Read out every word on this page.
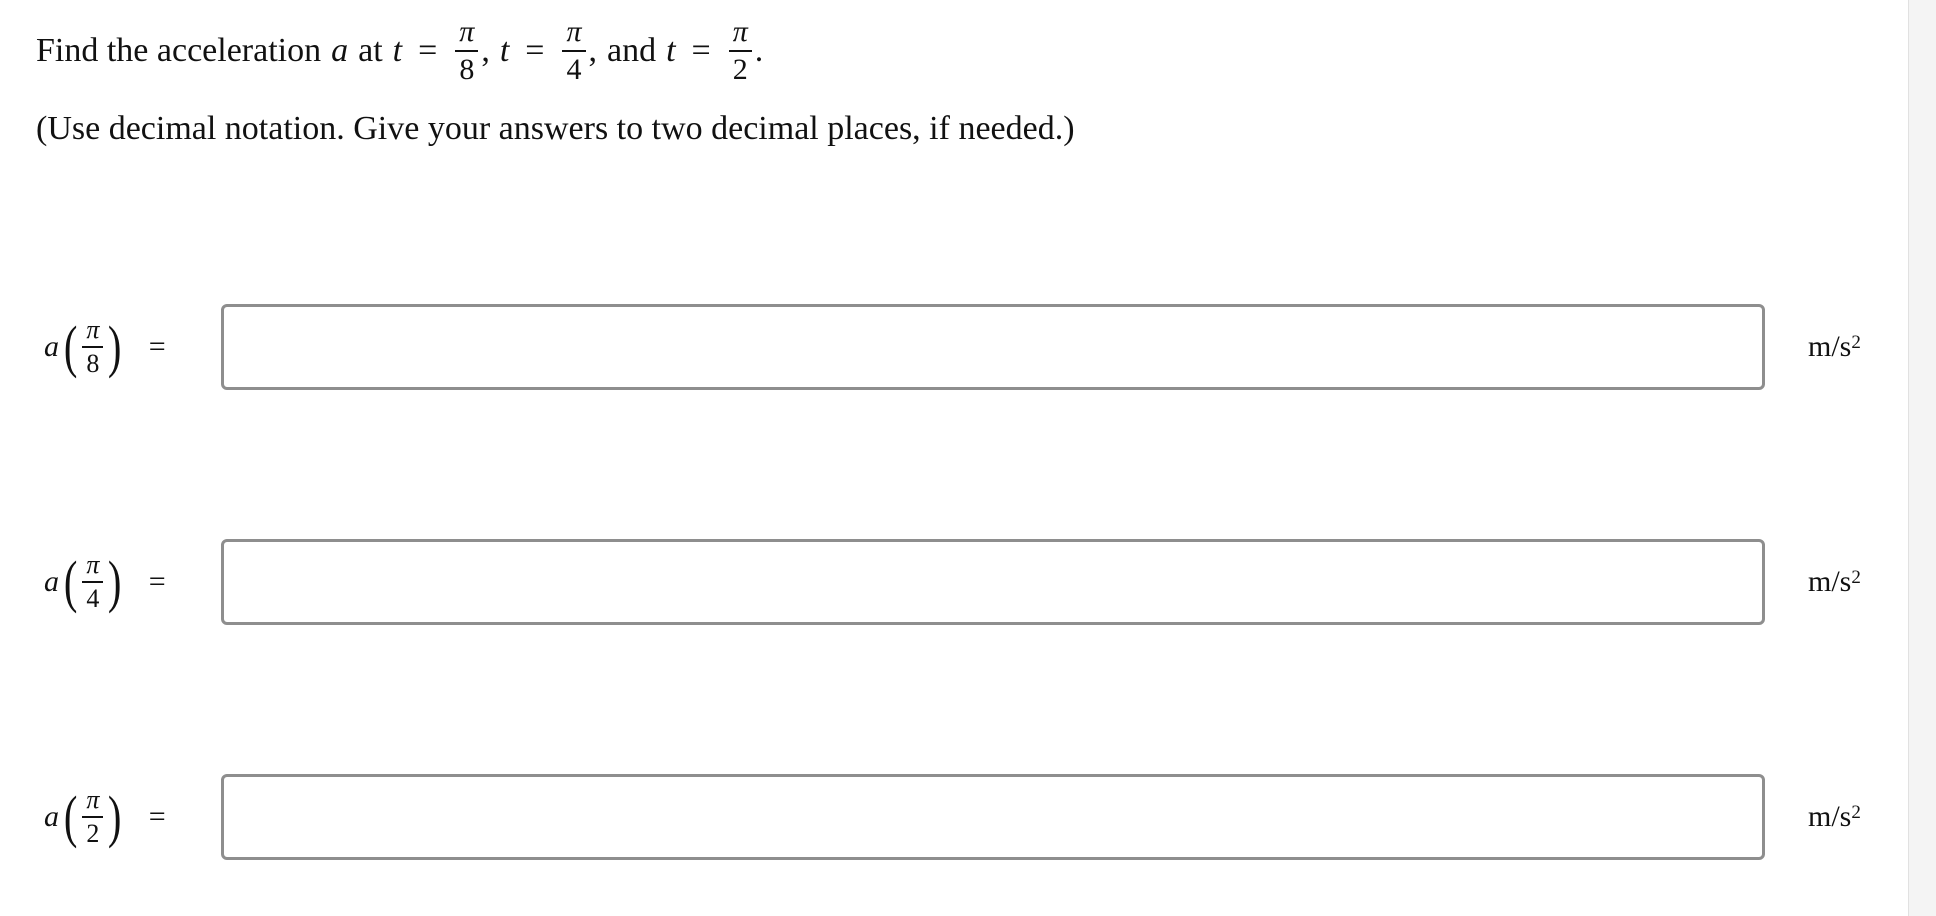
Find the acceleration a at $t = \frac{\pi}{8}$ , $t = \frac{\pi}{4}$ , and $t = \frac{\pi}{2}$ .
(Use decimal notation. Give your answers to two decimal places, if needed.)
a ( $\frac{\pi}{8}$ ) =	$m/s^2$
a ( $\frac{\pi}{4}$ ) =	$m/s^2$
a ( $\frac{\pi}{2}$ ) =	$m/s^2$
